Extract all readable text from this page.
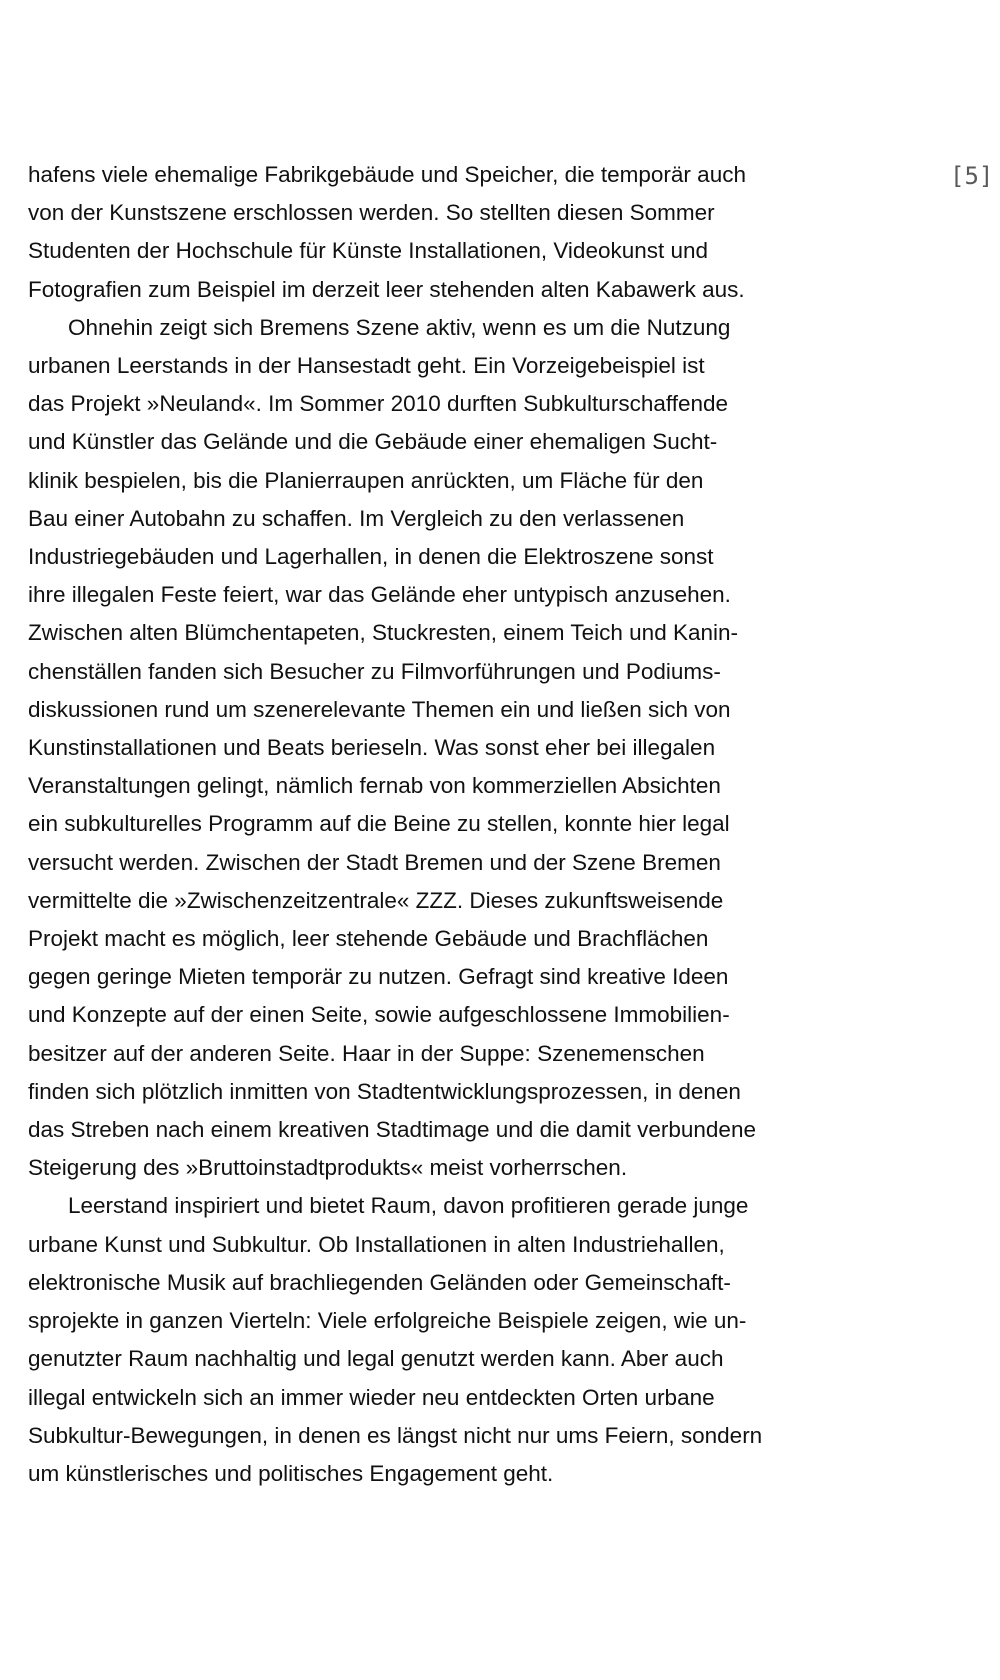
[5]

hafens viele ehemalige Fabrikgebäude und Speicher, die temporär auch
von der Kunstszene erschlossen werden. So stellten diesen Sommer
Studenten der Hochschule für Künste Installationen, Videokunst und
Fotografien zum Beispiel im derzeit leer stehenden alten Kabawerk aus.

Ohnehin zeigt sich Bremens Szene aktiv, wenn es um die Nutzung
urbanen Leerstands in der Hansestadt geht. Ein Vorzeigebeispiel ist
das Projekt »Neuland«. Im Sommer 2010 durften Subkulturschaffende
und Künstler das Gelände und die Gebäude einer ehemaligen Sucht-
klinik bespielen, bis die Planierraupen anrückten, um Fläche für den
Bau einer Autobahn zu schaffen. Im Vergleich zu den verlassenen
Industriegebäuden und Lagerhallen, in denen die Elektroszene sonst
ihre illegalen Feste feiert, war das Gelände eher untypisch anzusehen.
Zwischen alten Blümchentapeten, Stuckresten, einem Teich und Kanin-
chenställen fanden sich Besucher zu Filmvorführungen und Podiums-
diskussionen rund um szenerelevante Themen ein und ließen sich von
Kunstinstallationen und Beats berieseln. Was sonst eher bei illegalen
Veranstaltungen gelingt, nämlich fernab von kommerziellen Absichten
ein subkulturelles Programm auf die Beine zu stellen, konnte hier legal
versucht werden. Zwischen der Stadt Bremen und der Szene Bremen
vermittelte die »Zwischenzeitzentrale« ZZZ. Dieses zukunftsweisende
Projekt macht es möglich, leer stehende Gebäude und Brachflächen
gegen geringe Mieten temporär zu nutzen. Gefragt sind kreative Ideen
und Konzepte auf der einen Seite, sowie aufgeschlossene Immobilien-
besitzer auf der anderen Seite. Haar in der Suppe: Szenemenschen
finden sich plötzlich inmitten von Stadtentwicklungsprozessen, in denen
das Streben nach einem kreativen Stadtimage und die damit verbundene
Steigerung des »Bruttoinstadtprodukts« meist vorherrschen.

Leerstand inspiriert und bietet Raum, davon profitieren gerade junge
urbane Kunst und Subkultur. Ob Installationen in alten Industriehallen,
elektronische Musik auf brachliegenden Geländen oder Gemeinschaft-
sprojekte in ganzen Vierteln: Viele erfolgreiche Beispiele zeigen, wie un-
genutzter Raum nachhaltig und legal genutzt werden kann. Aber auch
illegal entwickeln sich an immer wieder neu entdeckten Orten urbane
Subkultur-Bewegungen, in denen es längst nicht nur ums Feiern, sondern
um künstlerisches und politisches Engagement geht.
